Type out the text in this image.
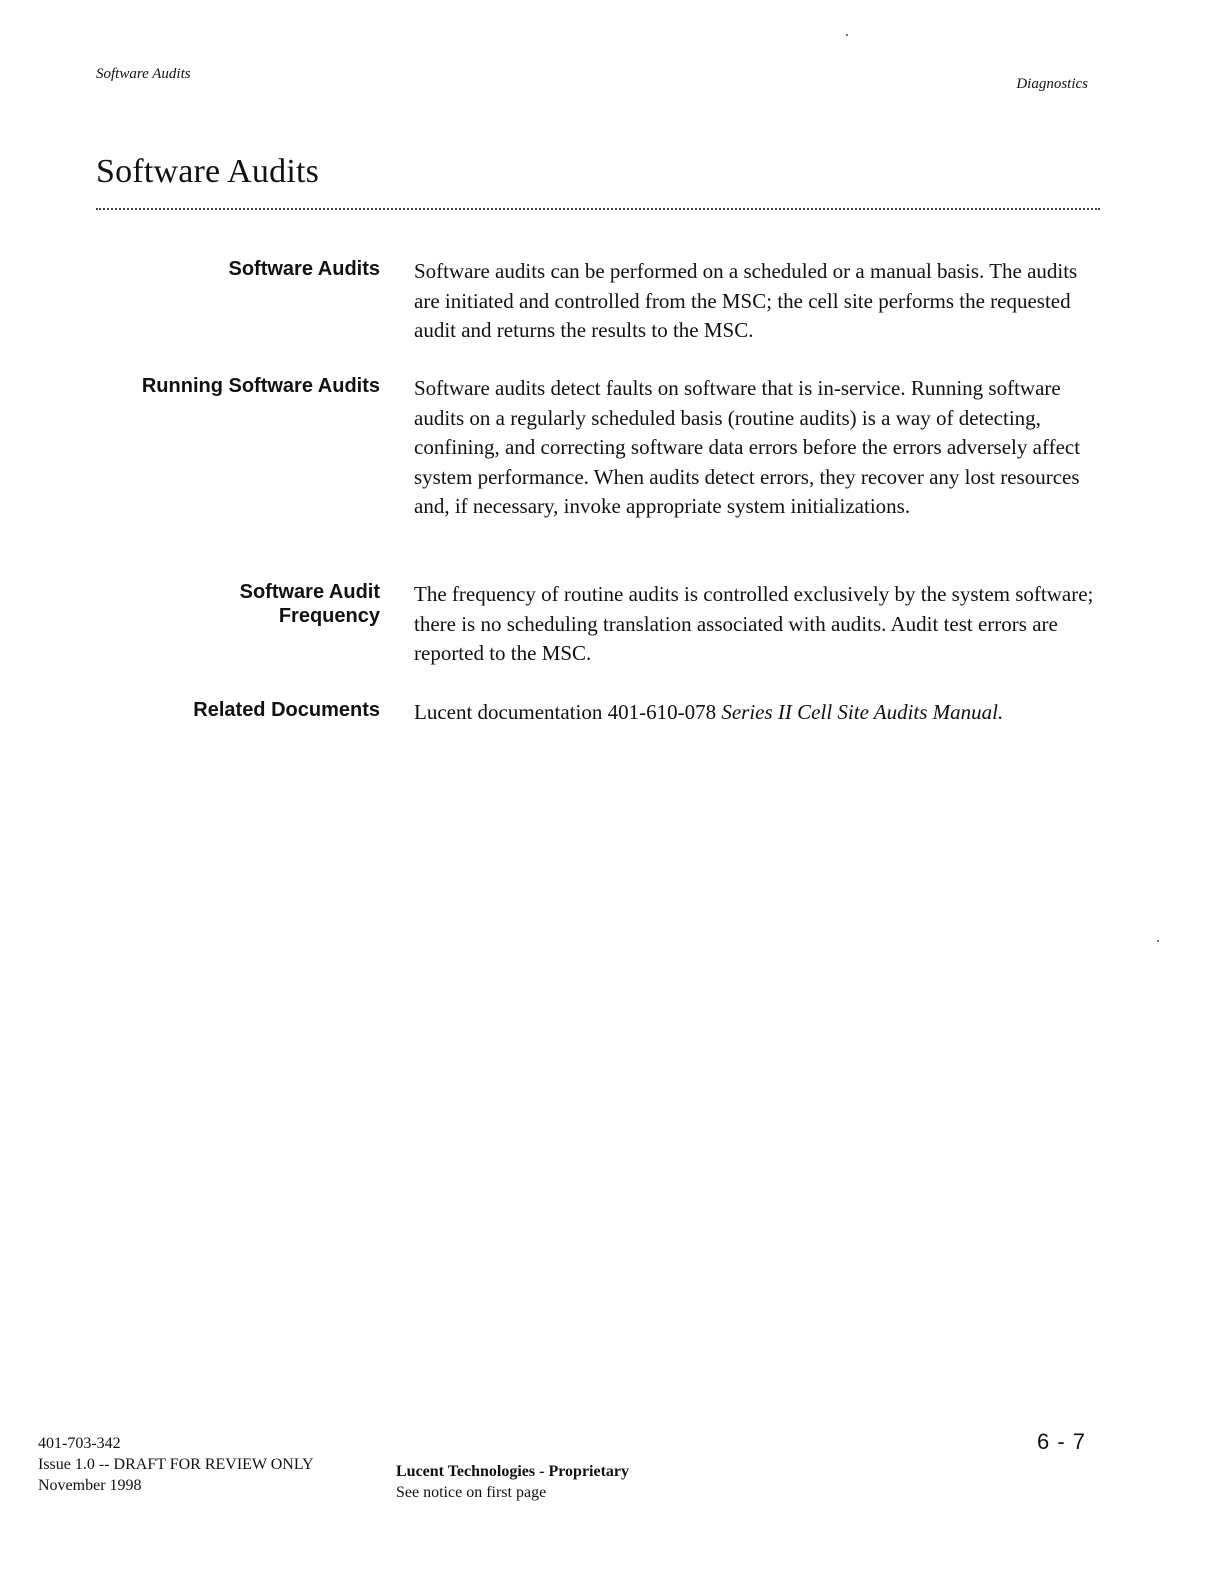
Software Audits
Diagnostics
Software Audits
Software Audits Software audits can be performed on a scheduled or a manual basis. The audits are initiated and controlled from the MSC; the cell site performs the requested audit and returns the results to the MSC.
Running Software Audits Software audits detect faults on software that is in-service. Running software audits on a regularly scheduled basis (routine audits) is a way of detecting, confining, and correcting software data errors before the errors adversely affect system performance. When audits detect errors, they recover any lost resources and, if necessary, invoke appropriate system initializations.
Software Audit Frequency
The frequency of routine audits is controlled exclusively by the system software; there is no scheduling translation associated with audits. Audit test errors are reported to the MSC.
Related Documents Lucent documentation 401-610-078 Series II Cell Site Audits Manual.
401-703-342
Issue 1.0 -- DRAFT FOR REVIEW ONLY
November 1998
Lucent Technologies - Proprietary
See notice on first page
6 - 7
